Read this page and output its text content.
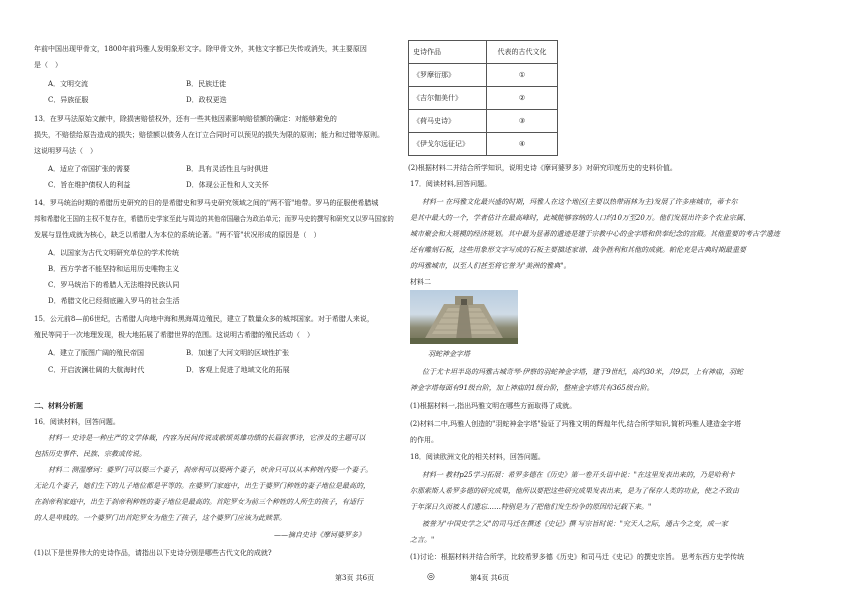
年前中国出现甲骨文，1800年前玛雅人发明象形文字。除甲骨文外，其他文字都已失传或消失，其主要原因
是（　）
A．文明交流	B．民族迁徙
C．异族征服	D．政权更迭
13．在罗马法原始文献中，除损害赔偿权外，还有一些其他因素影响赔偿额的确定：对能够避免的
损失，不赔偿给原告造成的损失；赔偿额以债务人在订立合同时可以预见的损失为限的原则；能力和过错等原则。
这说明罗马法（　）
A．适应了帝国扩张的需要	B．具有灵活性且与时俱进
C．旨在维护债权人的利益	D．体现公正性和人文关怀
14．罗马统治时期的希腊历史研究的目的是希腊史和罗马史研究领域之间的"两不管"地带。罗马的征服使希腊城
邦和希腊化王国的主权不复存在，希腊历史学家至此与周边的其他帝国融合为政治单元；而罗马史的撰写和研究又以罗马国家的
发展与显性成就为核心，缺乏以希腊人为本位的系统论著。"两不管"状况形成的原因是（　）
A．以国家为古代文明研究单位的学术传统
B．西方学者不能坚持和运用历史唯物主义
C．罗马统治下的希腊人无法维持民族认同
D．希腊文化已经彻底融入罗马的社会生活
15．公元前8—前6世纪，古希腊人向地中海和黑海周边殖民，建立了数量众多的城邦国家。对于希腊人来说，
殖民等同于一次地理发现，极大地拓展了希腊世界的范围。这说明古希腊的殖民活动（　）
A．建立了版图广阔的殖民帝国	B．加速了大河文明的区域性扩张
C．开启波澜壮阔的大航海时代	D．客观上促进了地域文化的拓展
二、材料分析题
16．阅读材料，回答问题。
材料一 史诗是一种庄严的文学体裁，内容为民间传说或歌颂英雄功绩的长篇叙事诗，它涉及的主题可以
包括历史事件、民族、宗教或传说。
材料二 测湿摩诃：婆罗门可以娶三个妻子，刹帝利可以娶两个妻子，吠舍只可以从本种姓内娶一个妻子。
无论几个妻子，她们生下的儿子地位都是平等的。在婆罗门家庭中，出生于婆罗门种姓的妻子地位是最高的，
在刹帝利家庭中，出生于刹帝利种姓的妻子地位是最高的。首陀罗女为前三个种姓的人所生的孩子，有适行
的人是卑贱的。一个婆罗门出首陀罗女为他生了孩子，这个婆罗门应该为此赎罪。
——摘自史诗《摩诃婆罗多》
(1)以下是世界伟大的史诗作品，请指出以下史诗分别是哪些古代文化的成就?
史诗作品	代表的古代文化
《罗摩衍那》	①
《吉尔伽美什》	②
《荷马史诗》	③
《伊戈尔远征记》	④
(2)根据材料二并结合所学知识，说明史诗《摩诃婆罗多》对研究印度历史的史料价值。
17．阅读材料,回答问题。
材料一 在玛雅文化最兴盛的时期，玛雅人在这个地区(主要以热带雨林为主)发展了许多座城市，蒂卡尔
是其中最大的一个，学者估计在最高峰时，此城能够容纳的人口约10万至20万。他们发展出许多个农业宗属、
城市聚会和大规模的经济规划。其中最为显著的遗迹是建于宗教中心的金字塔和供奉纪念的宫殿。其他重要的考古学遗迹
还有雕刻石板，这些用象形文字写成的石板主要描述家谱、战争胜利和其他的成就。帕伦克是古典时期最重要
的玛雅城市，以至人们甚至将它誉为"美洲的雅典"。
材料二
羽蛇神金字塔
位于尤卡坦半岛的玛雅古城奇琴·伊察的羽蛇神金字塔，建于9世纪，高约30米，共9层，上有神庙，羽蛇
神金字塔每面有91级台阶，加上神庙的1级台阶，整座金字塔共有365级台阶。
(1)根据材料一,指出玛雅文明在哪些方面取得了成就。
(2)材料二中,玛雅人创造的"羽蛇神金字塔"验证了玛雅文明的辉煌年代,结合所学知识,简析玛雅人建造金字塔
的作用。
18．阅读欧洲文化的相关材料，回答问题。
材料一 教材p25学习拓展：希罗多德在《历史》第一卷开头语中说："在这里发表出来的，乃是哈利卡
尔那索斯人希罗多德的研究成果，他所以要把这些研究成果发表出来，是为了保存人类的功业，使之不致由
于年深日久而被人们遗忘……特别是为了把他们发生纷争的原因给记载下来。"
被誉为"中国史学之父"的司马迁在撰述《史记》撰 写宗旨时说："究天人之际，通古今之变，成一家
之言。"
(1)讨论：根据材料并结合所学，比较希罗多德《历史》和司马迁《史记》的撰史宗旨。 思考东西方史学传统
第3页 共6页	◎	第4页 共6页
